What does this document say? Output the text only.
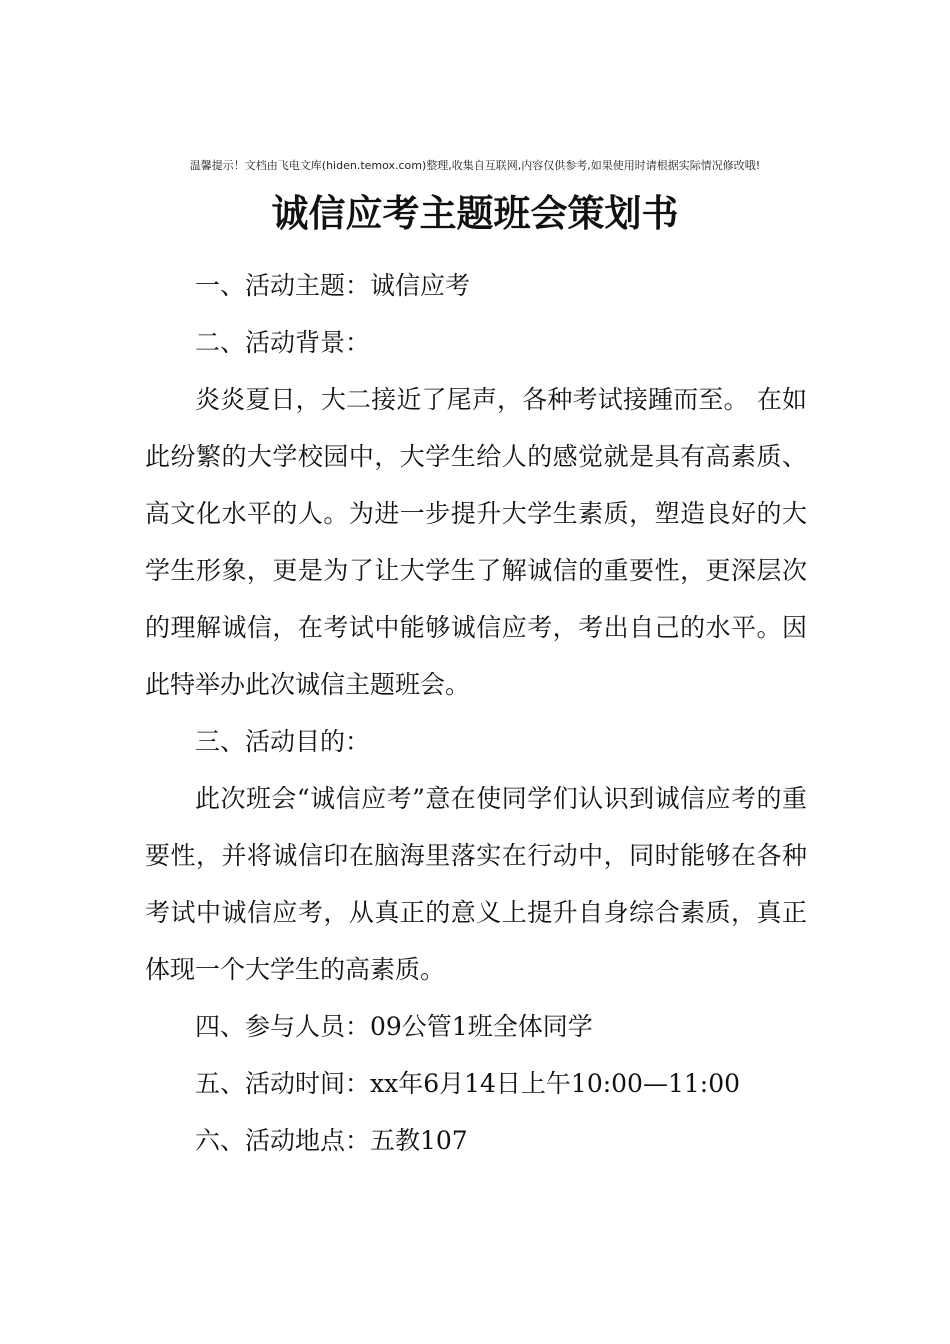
温馨提示！文档由飞电文库(hiden.temox.com)整理,收集自互联网,内容仅供参考,如果使用时请根据实际情况修改哦!
诚信应考主题班会策划书

一、活动主题：诚信应考

二、活动背景：

炎炎夏日，大二接近了尾声，各种考试接踵而至。 在如此纷繁的大学校园中，大学生给人的感觉就是具有高素质、高文化水平的人。为进一步提升大学生素质，塑造良好的大学生形象，更是为了让大学生了解诚信的重要性，更深层次的理解诚信，在考试中能够诚信应考，考出自己的水平。因此特举办此次诚信主题班会。

三、活动目的：

此次班会“诚信应考”意在使同学们认识到诚信应考的重要性，并将诚信印在脑海里落实在行动中，同时能够在各种考试中诚信应考，从真正的意义上提升自身综合素质，真正体现一个大学生的高素质。

四、参与人员：09公管1班全体同学

五、活动时间：xx年6月14日上午10:00—11:00

六、活动地点：五教107
